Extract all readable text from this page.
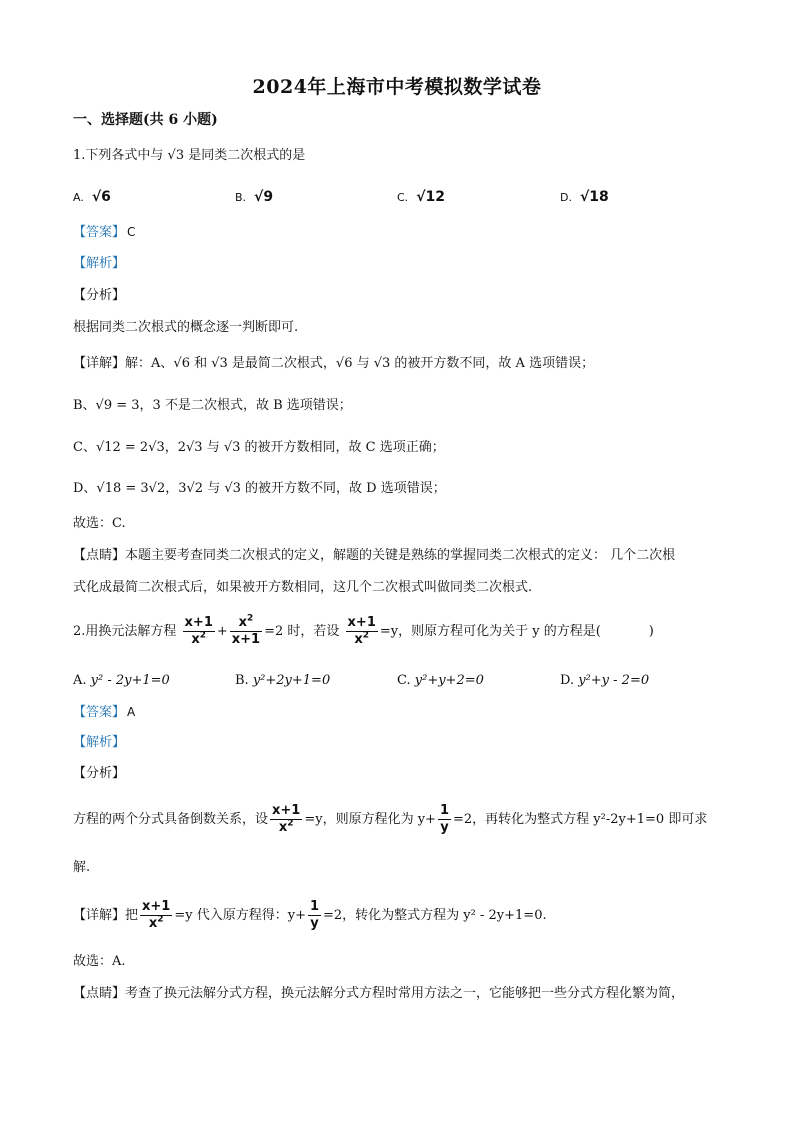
2024年上海市中考模拟数学试卷
一、选择题(共 6 小题)
1.下列各式中与 √3 是同类二次根式的是
A. √6	B. √9	C. √12	D. √18
【答案】 C
【解析】
【分析】
根据同类二次根式的概念逐一判断即可.
【详解】解：A、√6 和 √3 是最简二次根式，√6 与 √3 的被开方数不同，故 A 选项错误；
B、√9 = 3，3 不是二次根式，故 B 选项错误；
C、√12 = 2√3，2√3 与 √3 的被开方数相同，故 C 选项正确；
D、√18 = 3√2，3√2 与 √3 的被开方数不同，故 D 选项错误；
故选：C.
【点睛】本题主要考查同类二次根式的定义，解题的关键是熟练的掌握同类二次根式的定义： 几个二次根
式化成最简二次根式后，如果被开方数相同，这几个二次根式叫做同类二次根式.
2.用换元法解方程 $\frac{x+1}{x^2} + \frac{x^2}{x+1} =2$ 时，若设 $\frac{x+1}{x^2} =y$，则原方程可化为关于 y 的方程是(	)
A. y² - 2y+1=0	B. y²+2y+1=0	C. y²+y+2=0	D. y²+y - 2=0
【答案】 A
【解析】
【分析】
方程的两个分式具备倒数关系，设 $\frac{x+1}{x^2} =y$，则原方程化为 $y+ \frac{1}{y} =2$，再转化为整式方程 y²-2y+1=0 即可求
解.
【详解】把 $\frac{x+1}{x^2} =y$ 代入原方程得：$y+ \frac{1}{y} =2$，转化为整式方程为 y² - 2y+1=0.
故选：A.
【点睛】考查了换元法解分式方程，换元法解分式方程时常用方法之一，它能够把一些分式方程化繁为简，
